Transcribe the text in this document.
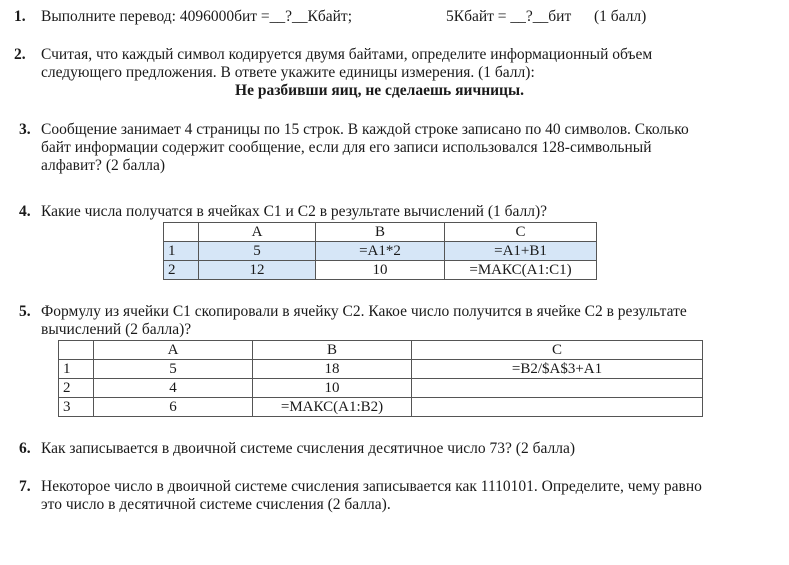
1. Выполните перевод: 4096000бит =__?__Кбайт;	5Кбайт = __?__бит (1 балл)
2. Считая, что каждый символ кодируется двумя байтами, определите информационный объем
следующего предложения. В ответе укажите единицы измерения. (1 балл):
Не разбивши яиц, не сделаешь яичницы.
3. Сообщение занимает 4 страницы по 15 строк. В каждой строке записано по 40 символов. Сколько
байт информации содержит сообщение, если для его записи использовался 128-символьный
алфавит? (2 балла)
4. Какие числа получатся в ячейках С1 и С2 в результате вычислений (1 балл)?
	A	B	C
1	5	=A1*2	=A1+B1
2	12	10	=МАКС(А1:С1)
5. Формулу из ячейки С1 скопировали в ячейку С2. Какое число получится в ячейке С2 в результате
вычислений (2 балла)?
	A	B	C
1	5	18	=B2/$A$3+A1
2	4	10	
3	6	=МАКС(А1:В2)	
6. Как записывается в двоичной системе счисления десятичное число 73? (2 балла)
7. Некоторое число в двоичной системе счисления записывается как 1110101. Определите, чему равно
это число в десятичной системе счисления (2 балла).
